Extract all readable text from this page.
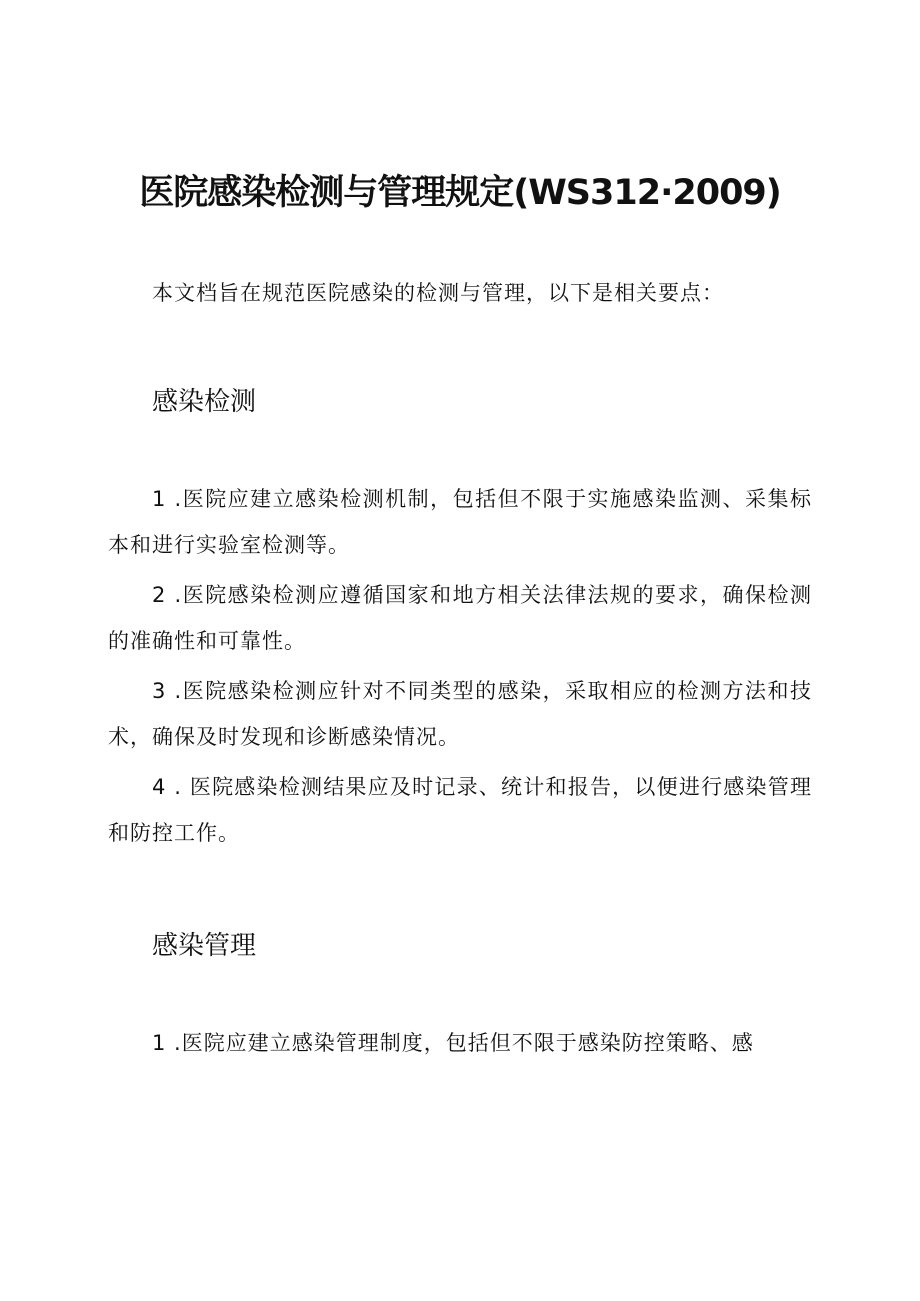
医院感染检测与管理规定(WS312·2009)

本文档旨在规范医院感染的检测与管理，以下是相关要点：

感染检测
1 .医院应建立感染检测机制，包括但不限于实施感染监测、采集标本和进行实验室检测等。
2 .医院感染检测应遵循国家和地方相关法律法规的要求，确保检测的准确性和可靠性。
3 .医院感染检测应针对不同类型的感染，采取相应的检测方法和技术，确保及时发现和诊断感染情况。
4 . 医院感染检测结果应及时记录、统计和报告，以便进行感染管理和防控工作。
感染管理
1 .医院应建立感染管理制度，包括但不限于感染防控策略、感
